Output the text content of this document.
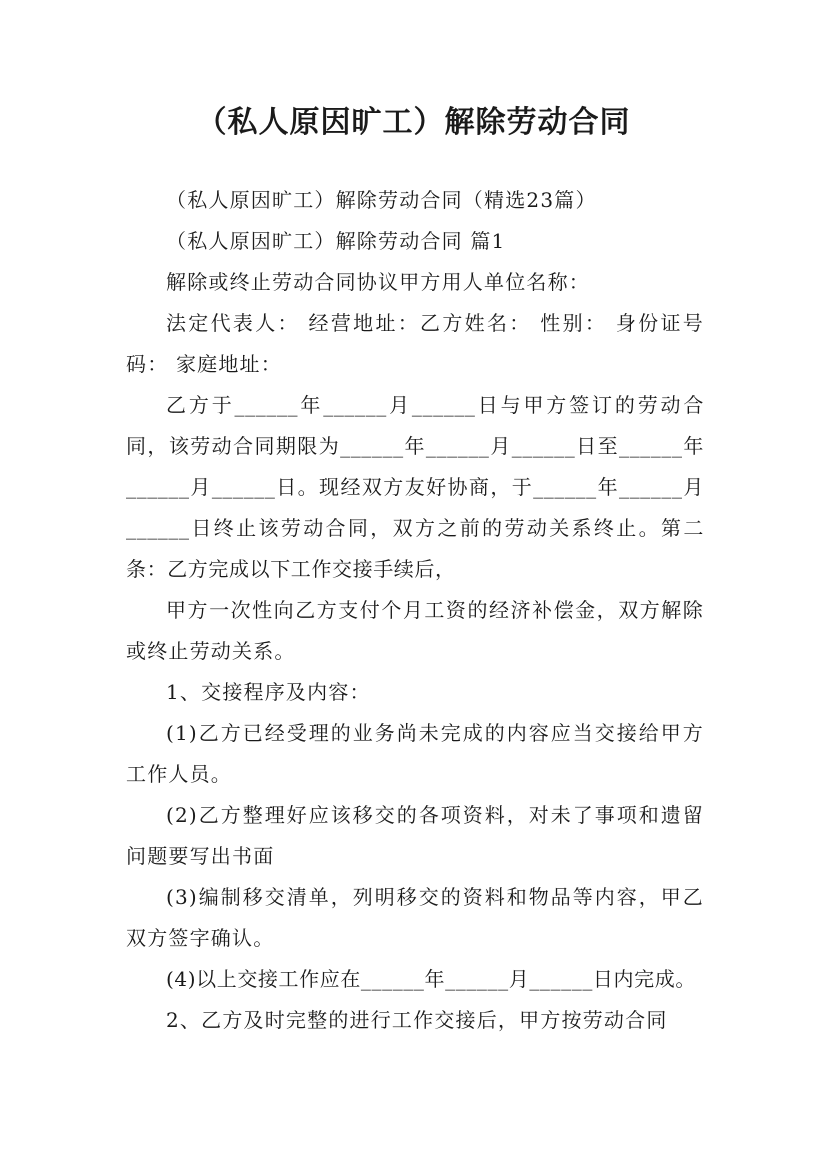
（私人原因旷工）解除劳动合同

（私人原因旷工）解除劳动合同（精选23篇）

（私人原因旷工）解除劳动合同 篇1

解除或终止劳动合同协议甲方用人单位名称：

法定代表人： 经营地址：乙方姓名： 性别： 身份证号码： 家庭地址：

乙方于______年______月______日与甲方签订的劳动合同，该劳动合同期限为______年______月______日至______年______月______日。现经双方友好协商，于______年______月______日终止该劳动合同，双方之前的劳动关系终止。第二条：乙方完成以下工作交接手续后，

甲方一次性向乙方支付个月工资的经济补偿金，双方解除或终止劳动关系。

1、交接程序及内容：

(1)乙方已经受理的业务尚未完成的内容应当交接给甲方工作人员。

(2)乙方整理好应该移交的各项资料，对未了事项和遗留问题要写出书面

(3)编制移交清单，列明移交的资料和物品等内容，甲乙双方签字确认。

(4)以上交接工作应在______年______月______日内完成。

2、乙方及时完整的进行工作交接后，甲方按劳动合同
